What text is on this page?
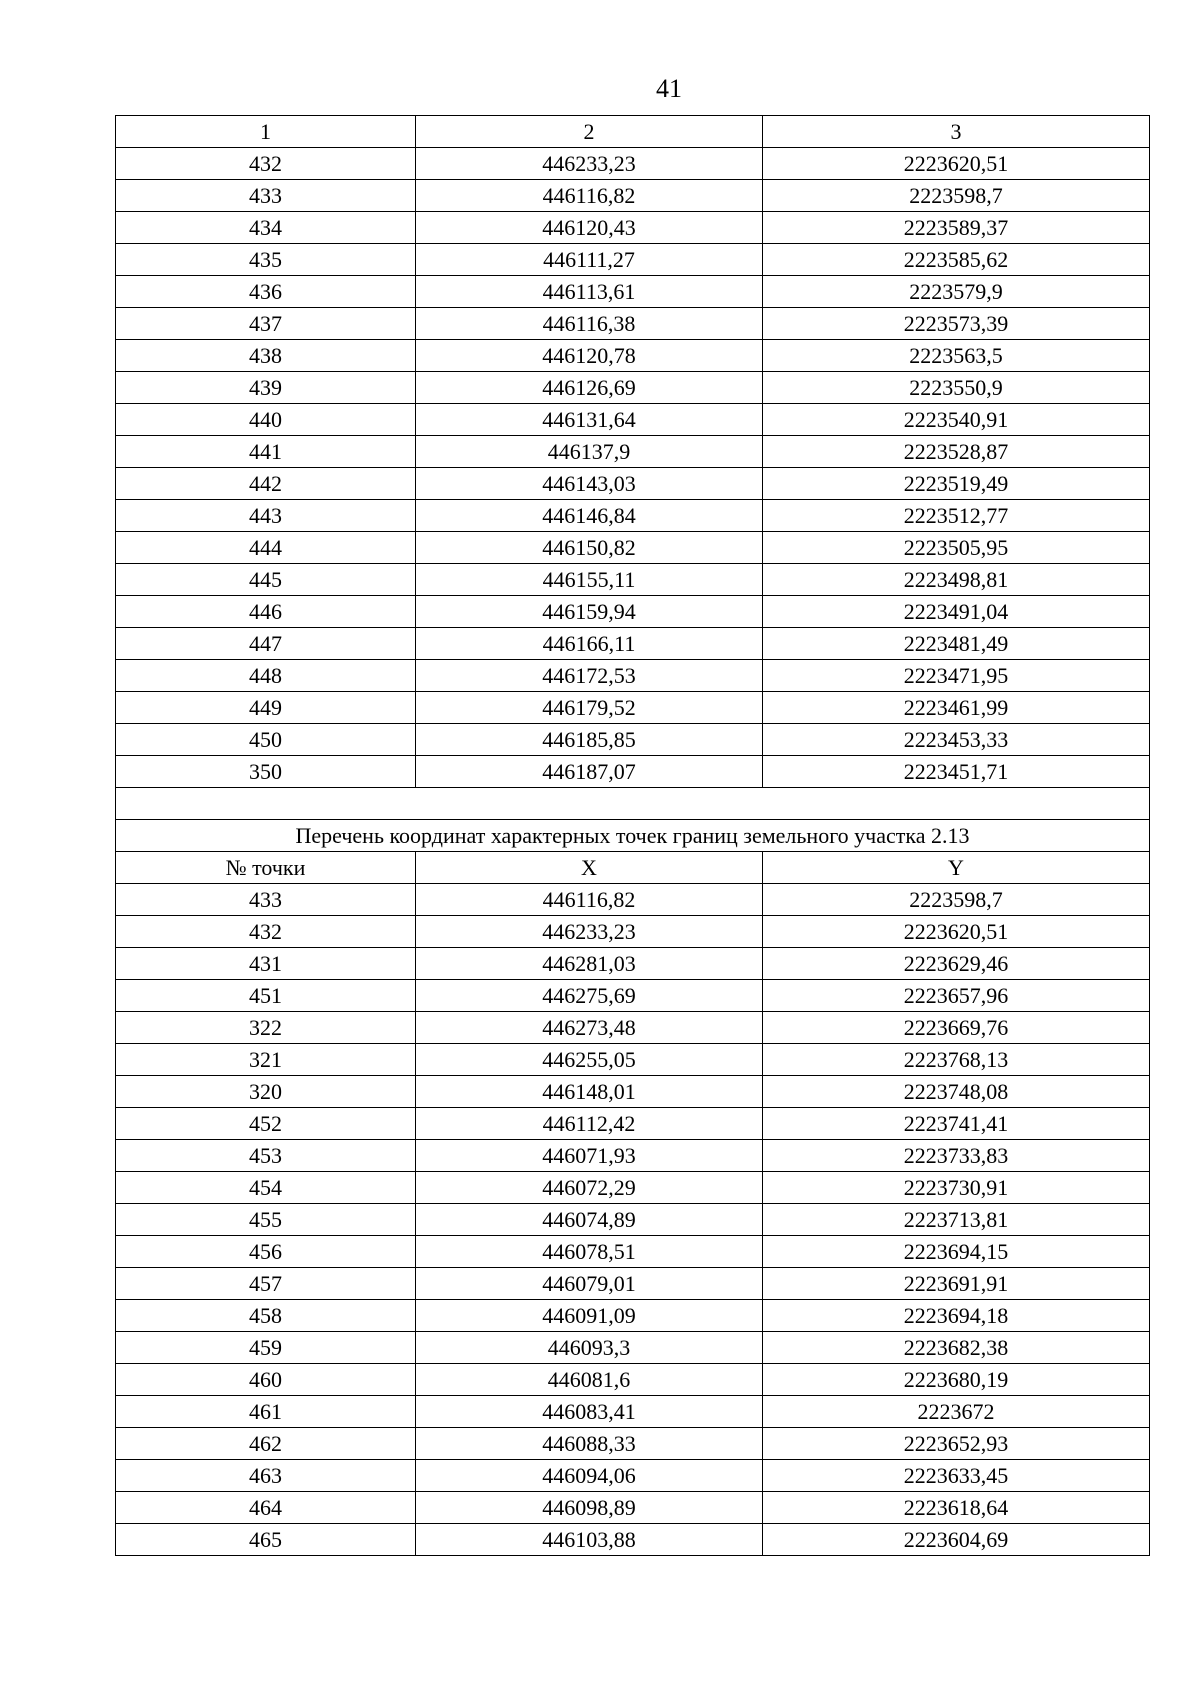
41
1	2	3
432	446233,23	2223620,51
433	446116,82	2223598,7
434	446120,43	2223589,37
435	446111,27	2223585,62
436	446113,61	2223579,9
437	446116,38	2223573,39
438	446120,78	2223563,5
439	446126,69	2223550,9
440	446131,64	2223540,91
441	446137,9	2223528,87
442	446143,03	2223519,49
443	446146,84	2223512,77
444	446150,82	2223505,95
445	446155,11	2223498,81
446	446159,94	2223491,04
447	446166,11	2223481,49
448	446172,53	2223471,95
449	446179,52	2223461,99
450	446185,85	2223453,33
350	446187,07	2223451,71

Перечень координат характерных точек границ земельного участка 2.13		
№ точки	X	Y
433	446116,82	2223598,7
432	446233,23	2223620,51
431	446281,03	2223629,46
451	446275,69	2223657,96
322	446273,48	2223669,76
321	446255,05	2223768,13
320	446148,01	2223748,08
452	446112,42	2223741,41
453	446071,93	2223733,83
454	446072,29	2223730,91
455	446074,89	2223713,81
456	446078,51	2223694,15
457	446079,01	2223691,91
458	446091,09	2223694,18
459	446093,3	2223682,38
460	446081,6	2223680,19
461	446083,41	2223672
462	446088,33	2223652,93
463	446094,06	2223633,45
464	446098,89	2223618,64
465	446103,88	2223604,69
